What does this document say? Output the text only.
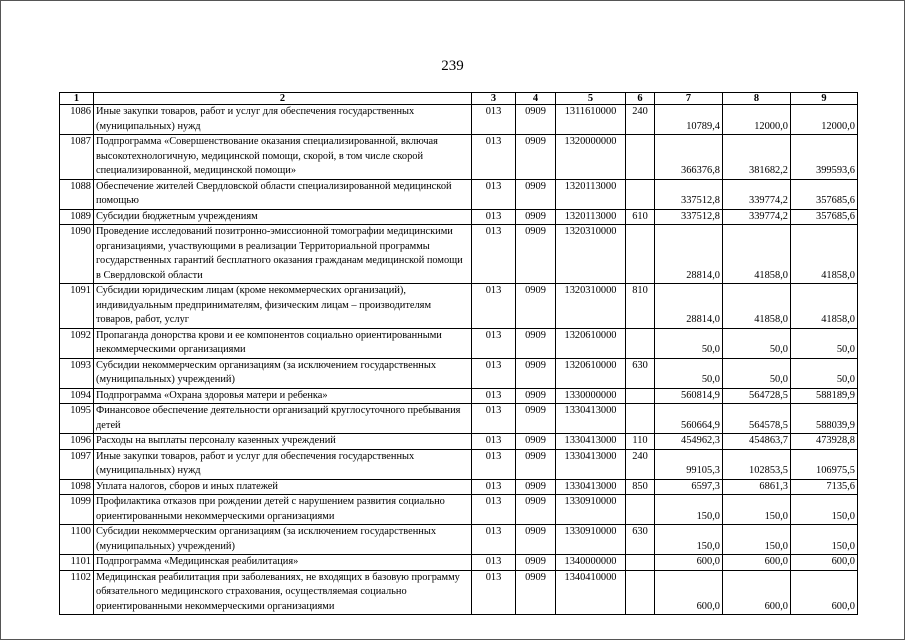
239
1	2	3	4	5	6	7	8	9
1086	Иные закупки товаров, работ и услуг для обеспечения государственных (муниципальных) нужд	013	0909	1311610000	240	10789,4	12000,0	12000,0
1087	Подпрограмма «Совершенствование оказания специализированной, включая высокотехнологичную, медицинской помощи, скорой, в том числе скорой специализированной, медицинской помощи»	013	0909	1320000000		366376,8	381682,2	399593,6
1088	Обеспечение жителей Свердловской области специализированной медицинской помощью	013	0909	1320113000		337512,8	339774,2	357685,6
1089	Субсидии бюджетным учреждениям	013	0909	1320113000	610	337512,8	339774,2	357685,6
1090	Проведение исследований позитронно-эмиссионной томографии медицинскими организациями, участвующими в реализации Территориальной программы государственных гарантий бесплатного оказания гражданам медицинской помощи в Свердловской области	013	0909	1320310000		28814,0	41858,0	41858,0
1091	Субсидии юридическим лицам (кроме некоммерческих организаций), индивидуальным предпринимателям, физическим лицам – производителям товаров, работ, услуг	013	0909	1320310000	810	28814,0	41858,0	41858,0
1092	Пропаганда донорства крови и ее компонентов социально ориентированными некоммерческими организациями	013	0909	1320610000		50,0	50,0	50,0
1093	Субсидии некоммерческим организациям (за исключением государственных (муниципальных) учреждений)	013	0909	1320610000	630	50,0	50,0	50,0
1094	Подпрограмма «Охрана здоровья матери и ребенка»	013	0909	1330000000		560814,9	564728,5	588189,9
1095	Финансовое обеспечение деятельности организаций круглосуточного пребывания детей	013	0909	1330413000		560664,9	564578,5	588039,9
1096	Расходы на выплаты персоналу казенных учреждений	013	0909	1330413000	110	454962,3	454863,7	473928,8
1097	Иные закупки товаров, работ и услуг для обеспечения государственных (муниципальных) нужд	013	0909	1330413000	240	99105,3	102853,5	106975,5
1098	Уплата налогов, сборов и иных платежей	013	0909	1330413000	850	6597,3	6861,3	7135,6
1099	Профилактика отказов при рождении детей с нарушением развития социально ориентированными некоммерческими организациями	013	0909	1330910000		150,0	150,0	150,0
1100	Субсидии некоммерческим организациям (за исключением государственных (муниципальных) учреждений)	013	0909	1330910000	630	150,0	150,0	150,0
1101	Подпрограмма «Медицинская реабилитация»	013	0909	1340000000		600,0	600,0	600,0
1102	Медицинская реабилитация при заболеваниях, не входящих в базовую программу обязательного медицинского страхования, осуществляемая социально ориентированными некоммерческими организациями	013	0909	1340410000		600,0	600,0	600,0
